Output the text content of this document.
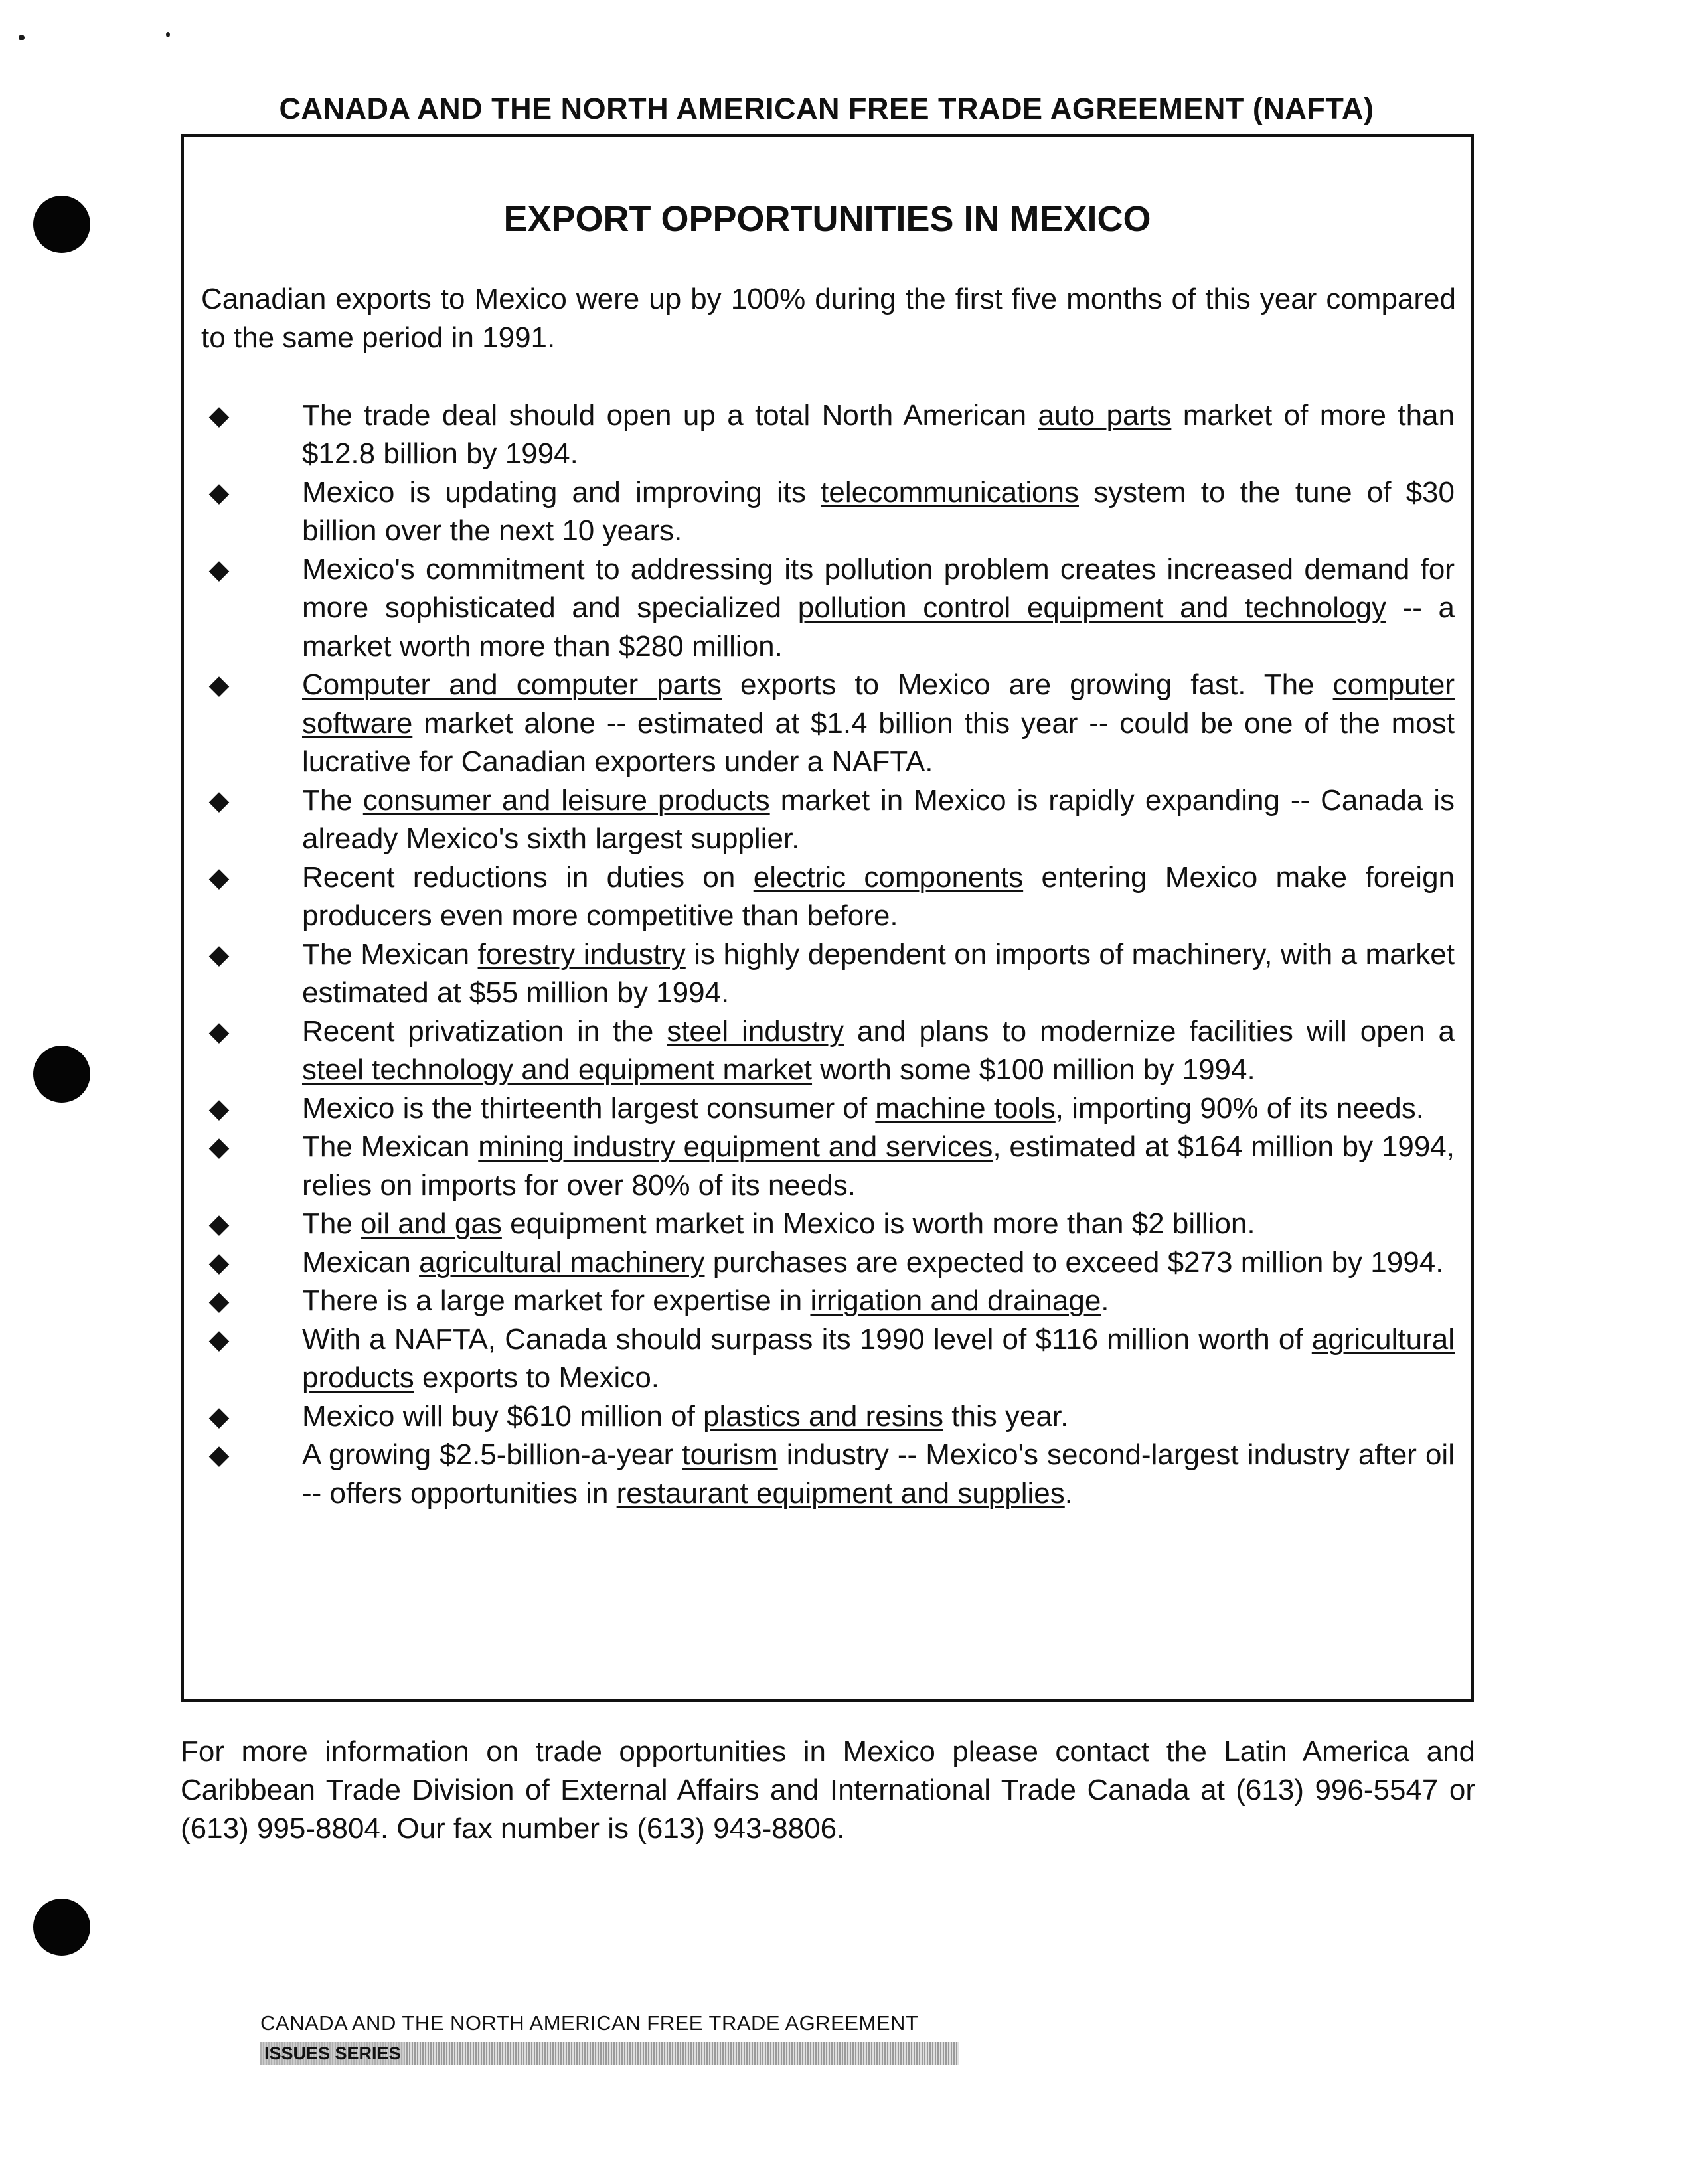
CANADA AND THE NORTH AMERICAN FREE TRADE AGREEMENT (NAFTA)
EXPORT OPPORTUNITIES IN MEXICO
Canadian exports to Mexico were up by 100% during the first five months of this year compared to the same period in 1991.
◆ The trade deal should open up a total North American auto parts market of more than $12.8 billion by 1994.
◆ Mexico is updating and improving its telecommunications system to the tune of $30 billion over the next 10 years.
◆ Mexico's commitment to addressing its pollution problem creates increased demand for more sophisticated and specialized pollution control equipment and technology -- a market worth more than $280 million.
◆ Computer and computer parts exports to Mexico are growing fast. The computer software market alone -- estimated at $1.4 billion this year -- could be one of the most lucrative for Canadian exporters under a NAFTA.
◆ The consumer and leisure products market in Mexico is rapidly expanding -- Canada is already Mexico's sixth largest supplier.
◆ Recent reductions in duties on electric components entering Mexico make foreign producers even more competitive than before.
◆ The Mexican forestry industry is highly dependent on imports of machinery, with a market estimated at $55 million by 1994.
◆ Recent privatization in the steel industry and plans to modernize facilities will open a steel technology and equipment market worth some $100 million by 1994.
◆ Mexico is the thirteenth largest consumer of machine tools, importing 90% of its needs.
◆ The Mexican mining industry equipment and services, estimated at $164 million by 1994, relies on imports for over 80% of its needs.
◆ The oil and gas equipment market in Mexico is worth more than $2 billion.
◆ Mexican agricultural machinery purchases are expected to exceed $273 million by 1994.
◆ There is a large market for expertise in irrigation and drainage.
◆ With a NAFTA, Canada should surpass its 1990 level of $116 million worth of agricultural products exports to Mexico.
◆ Mexico will buy $610 million of plastics and resins this year.
◆ A growing $2.5-billion-a-year tourism industry -- Mexico's second-largest industry after oil -- offers opportunities in restaurant equipment and supplies.
For more information on trade opportunities in Mexico please contact the Latin America and Caribbean Trade Division of External Affairs and International Trade Canada at (613) 996-5547 or (613) 995-8804. Our fax number is (613) 943-8806.
CANADA AND THE NORTH AMERICAN FREE TRADE AGREEMENT
ISSUES SERIES
